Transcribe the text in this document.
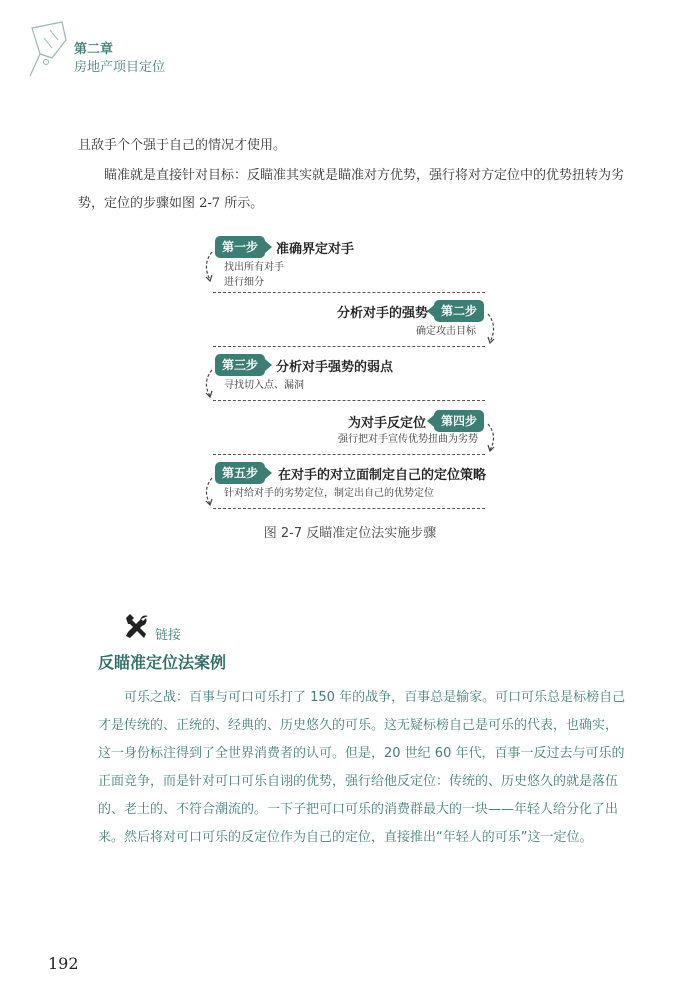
第二章
房地产项目定位
且敌手个个强于自己的情况才使用。
瞄准就是直接针对目标：反瞄准其实就是瞄准对方优势，强行将对方定位中的优势扭转为劣势，定位的步骤如图 2-7 所示。
第一步	准确界定对手
找出所有对手
进行细分
分析对手的强势	第二步
确定攻击目标
第三步	分析对手强势的弱点
寻找切入点、漏洞
为对手反定位	第四步
强行把对手宣传优势扭曲为劣势
第五步	在对手的对立面制定自己的定位策略
针对给对手的劣势定位，制定出自己的优势定位
图 2-7 反瞄准定位法实施步骤
链接
反瞄准定位法案例
可乐之战：百事与可口可乐打了 150 年的战争，百事总是输家。可口可乐总是标榜自己才是传统的、正统的、经典的、历史悠久的可乐。这无疑标榜自己是可乐的代表，也确实，这一身份标注得到了全世界消费者的认可。但是，20 世纪 60 年代，百事一反过去与可乐的正面竞争，而是针对可口可乐自诩的优势，强行给他反定位：传统的、历史悠久的就是落伍的、老土的、不符合潮流的。一下子把可口可乐的消费群最大的一块——年轻人给分化了出来。然后将对可口可乐的反定位作为自己的定位，直接推出“年轻人的可乐”这一定位。
192
